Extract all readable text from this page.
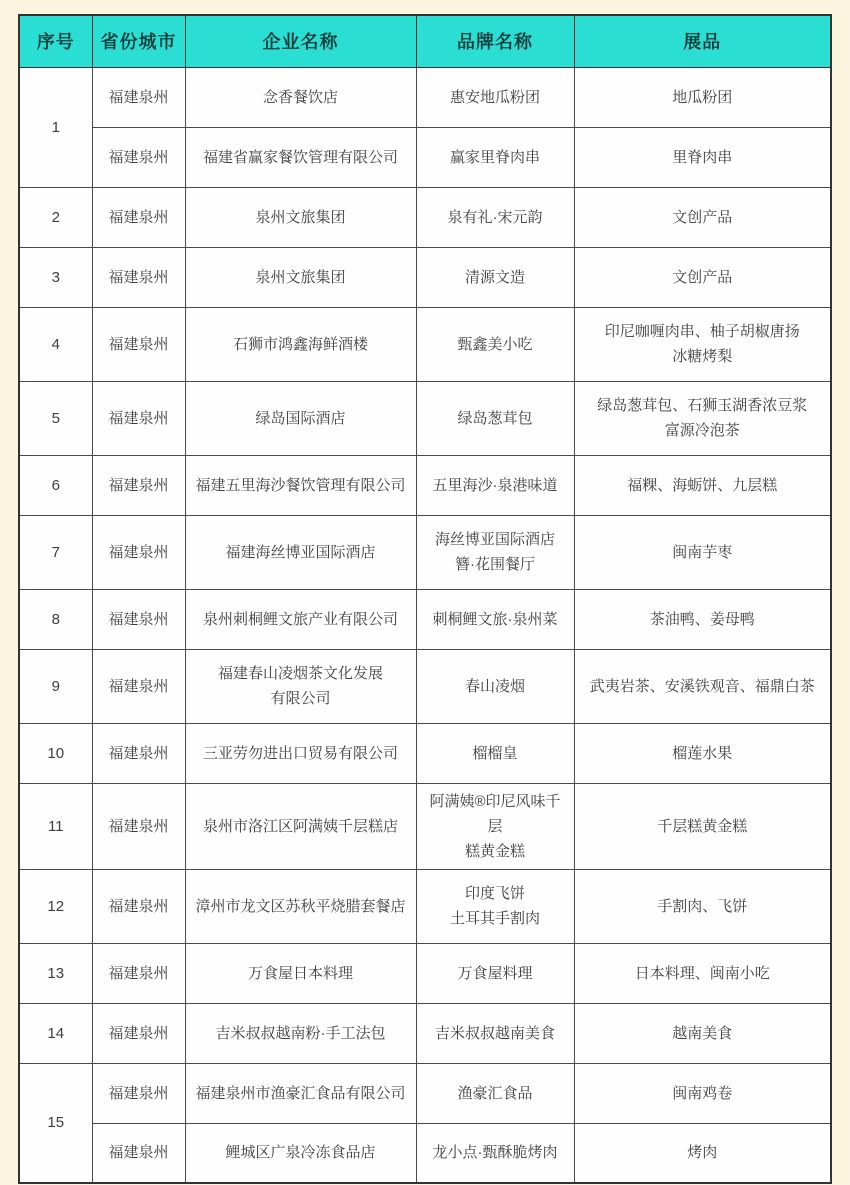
序号	省份城市	企业名称	品牌名称	展品
1	福建泉州	念香餐饮店	惠安地瓜粉团	地瓜粉团
	福建泉州	福建省赢家餐饮管理有限公司	赢家里脊肉串	里脊肉串
2	福建泉州	泉州文旅集团	泉有礼·宋元韵	文创产品
3	福建泉州	泉州文旅集团	清源文造	文创产品
4	福建泉州	石狮市鸿鑫海鲜酒楼	甄鑫美小吃	印尼咖喱肉串、柚子胡椒唐扬
冰糖烤梨

5	福建泉州	绿岛国际酒店	绿岛葱茸包	绿岛葱茸包、石狮玉湖香浓豆浆
富源冷泡茶

6	福建泉州	福建五里海沙餐饮管理有限公司	五里海沙·泉港味道	福粿、海蛎饼、九层糕
7	福建泉州	福建海丝博亚国际酒店	海丝博亚国际酒店
簪·花围餐厅	闽南芋枣
8	福建泉州	泉州刺桐鲤文旅产业有限公司	刺桐鲤文旅·泉州菜	茶油鸭、姜母鸭
9	福建泉州	福建春山凌烟茶文化发展
有限公司	春山凌烟	武夷岩茶、安溪铁观音、福鼎白茶
10	福建泉州	三亚劳勿进出口贸易有限公司	榴榴皇	榴莲水果
11	福建泉州	泉州市洛江区阿满姨千层糕店	阿满姨®印尼风味千层
糕黄金糕	千层糕黄金糕
12	福建泉州	漳州市龙文区苏秋平烧腊套餐店	印度飞饼
土耳其手割肉	手割肉、飞饼
13	福建泉州	万食屋日本料理	万食屋料理	日本料理、闽南小吃
14	福建泉州	吉米叔叔越南粉·手工法包	吉米叔叔越南美食	越南美食
15	福建泉州	福建泉州市渔豪汇食品有限公司	渔豪汇食品	闽南鸡卷
	福建泉州	鲤城区广泉冷冻食品店	龙小点·甄酥脆烤肉	烤肉
